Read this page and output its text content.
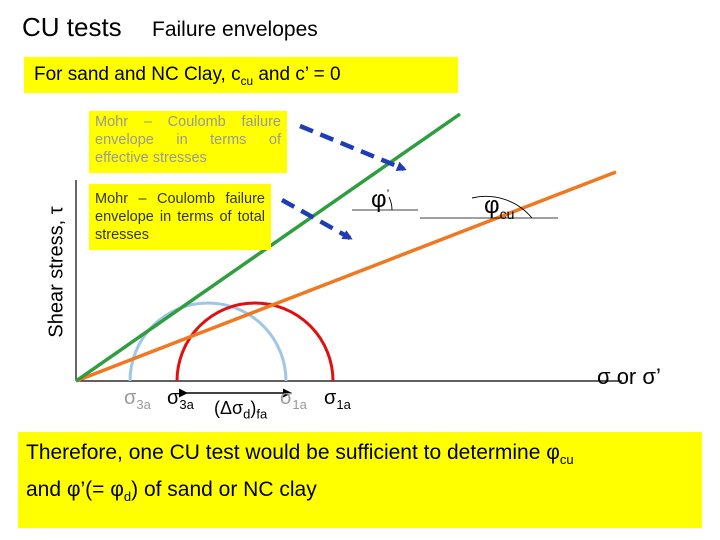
CU tests Failure envelopes
For sand and NC Clay, $c_{cu}$ and c’ = 0
Mohr – Coulomb failure envelope in terms of effective stresses
Mohr – Coulomb failure envelope in terms of total stresses
Shear stress, τ
σ or σ’
φ’	$\varphi_{cu}$
$\sigma_{3a}$ $\sigma_{3a}$	$\sigma_{1a}$ $\sigma_{1a}$
$(\Delta\sigma_d)_{fa}$
Therefore, one CU test would be sufficient to determine $\varphi_{cu}$
and φ’(= $\varphi_d$) of sand or NC clay
